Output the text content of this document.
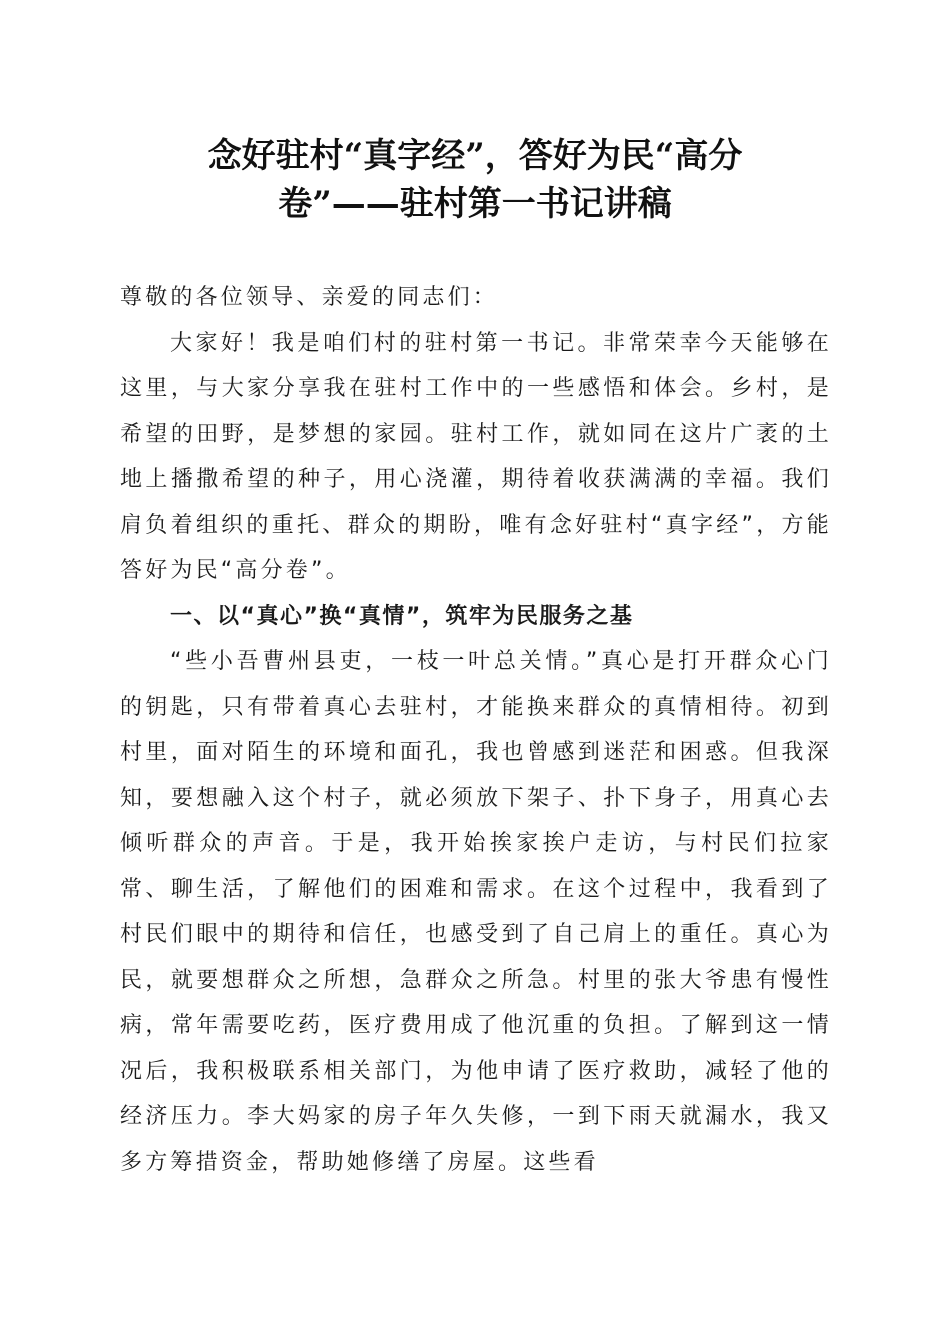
念好驻村“真字经”，答好为民“高分
卷”——驻村第一书记讲稿

尊敬的各位领导、亲爱的同志们：

大家好！我是咱们村的驻村第一书记。非常荣幸今天能够在这里，与大家分享我在驻村工作中的一些感悟和体会。乡村，是希望的田野，是梦想的家园。驻村工作，就如同在这片广袤的土地上播撒希望的种子，用心浇灌，期待着收获满满的幸福。我们肩负着组织的重托、群众的期盼，唯有念好驻村“真字经”，方能答好为民“高分卷”。

一、以“真心”换“真情”，筑牢为民服务之基

“些小吾曹州县吏，一枝一叶总关情。”真心是打开群众心门的钥匙，只有带着真心去驻村，才能换来群众的真情相待。初到村里，面对陌生的环境和面孔，我也曾感到迷茫和困惑。但我深知，要想融入这个村子，就必须放下架子、扑下身子，用真心去倾听群众的声音。于是，我开始挨家挨户走访，与村民们拉家常、聊生活，了解他们的困难和需求。在这个过程中，我看到了村民们眼中的期待和信任，也感受到了自己肩上的重任。真心为民，就要想群众之所想，急群众之所急。村里的张大爷患有慢性病，常年需要吃药，医疗费用成了他沉重的负担。了解到这一情况后，我积极联系相关部门，为他申请了医疗救助，减轻了他的经济压力。李大妈家的房子年久失修，一到下雨天就漏水，我又多方筹措资金，帮助她修缮了房屋。这些看
